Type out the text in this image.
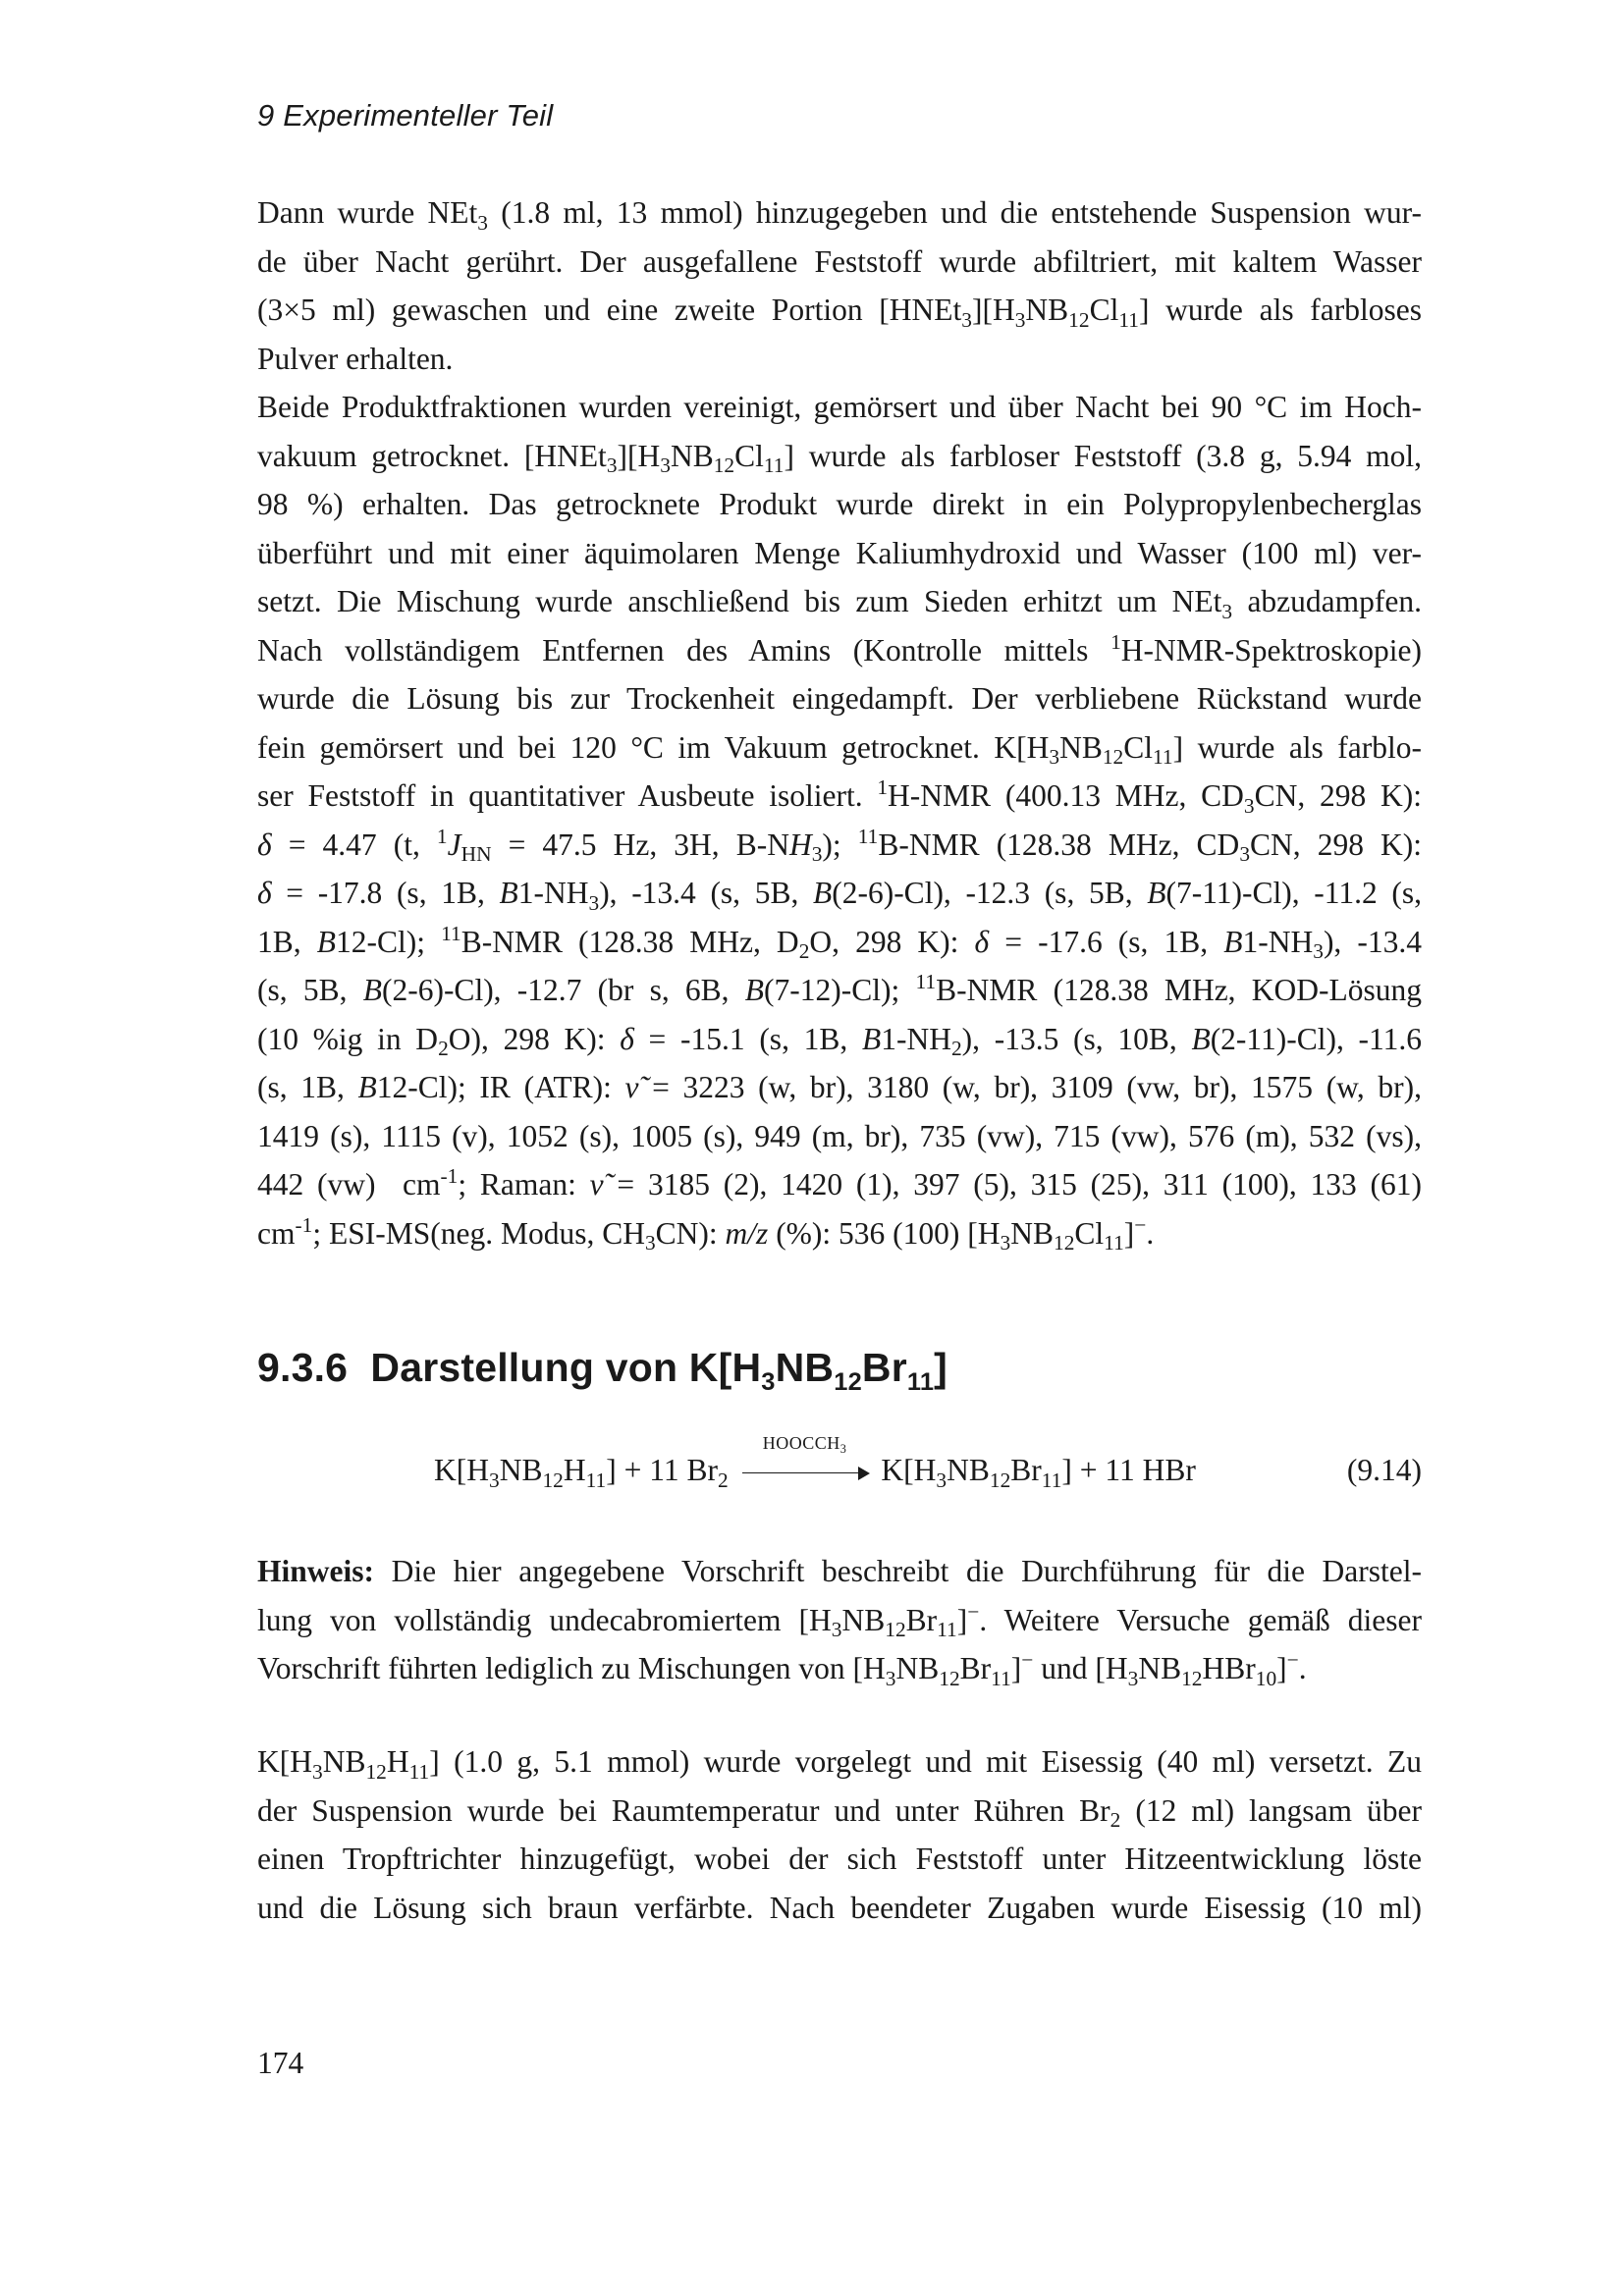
9 Experimenteller Teil
Dann wurde NEt$_3$ (1.8 ml, 13 mmol) hinzugegeben und die entstehende Suspension wur-
de über Nacht gerührt. Der ausgefallene Feststoff wurde abfiltriert, mit kaltem Wasser
(3×5 ml) gewaschen und eine zweite Portion $[HNEt_3][H_3NB_{12}Cl_{11}]$ wurde als farbloses
Pulver erhalten.
Beide Produktfraktionen wurden vereinigt, gemörsert und über Nacht bei 90 °C im Hoch-
vakuum getrocknet. $[HNEt_3][H_3NB_{12}Cl_{11}]$ wurde als farbloser Feststoff (3.8 g, 5.94 mol,
98 %) erhalten. Das getrocknete Produkt wurde direkt in ein Polypropylenbecherglas
überführt und mit einer äquimolaren Menge Kaliumhydroxid und Wasser (100 ml) ver-
setzt. Die Mischung wurde anschließend bis zum Sieden erhitzt um NEt$_3$ abzudampfen.
Nach vollständigem Entfernen des Amins (Kontrolle mittels $^1$H-NMR-Spektroskopie)
wurde die Lösung bis zur Trockenheit eingedampft. Der verbliebene Rückstand wurde
fein gemörsert und bei 120 °C im Vakuum getrocknet. $K[H_3NB_{12}Cl_{11}]$ wurde als farblo-
ser Feststoff in quantitativer Ausbeute isoliert. $^1$H-NMR (400.13 MHz, $CD_3CN$, 298 K):
δ = 4.47 (t, $^1J_{HN} = 47.5$ Hz, 3H, $B-NH_3$); $^{11}$B-NMR (128.38 MHz, $CD_3CN$, 298 K):
δ = -17.8 (s, 1B, $B1-NH_3$), -13.4 (s, 5B, B(2-6)-Cl), -12.3 (s, 5B, B(7-11)-Cl), -11.2 (s,
1B, B12-Cl); $^{11}$B-NMR (128.38 MHz, $D_2O$, 298 K): δ = -17.6 (s, 1B, $B1-NH_3$), -13.4
(s, 5B, B(2-6)-Cl), -12.7 (br s, 6B, B(7-12)-Cl); $^{11}$B-NMR (128.38 MHz, KOD-Lösung
(10 %ig in $D_2O$), 298 K): δ = -15.1 (s, 1B, $B1-NH_2$), -13.5 (s, 10B, B(2-11)-Cl), -11.6
(s, 1B, B12-Cl); IR (ATR): ν̃ = 3223 (w, br), 3180 (w, br), 3109 (vw, br), 1575 (w, br),
1419 (s), 1115 (v), 1052 (s), 1005 (s), 949 (m, br), 735 (vw), 715 (vw), 576 (m), 532 (vs),
442 (vw)  $cm^{-1}$; Raman: ν̃ = 3185 (2), 1420 (1), 397 (5), 315 (25), 311 (100), 133 (61)
$cm^{-1}$; ESI-MS(neg. Modus, $CH_3CN$): m/z (%): 536 (100) $[H_3NB_{12}Cl_{11}]^-$.
9.3.6 Darstellung von $K[H_3NB_{12}Br_{11}]$
$K[H_3NB_{12}H_{11}] + 11$ $Br_2$
$HOOCCH_3$
$K[H_3NB_{12}Br_{11}] + 11$ HBr	(9.14)
Hinweis: Die hier angegebene Vorschrift beschreibt die Durchführung für die Darstel-
lung von vollständig undecabromiertem $[H_3NB_{12}Br_{11}]^-$. Weitere Versuche gemäß dieser
Vorschrift führten lediglich zu Mischungen von $[H_3NB_{12}Br_{11}]^-$ und $[H_3NB_{12}HBr_{10}]^-$.
$K[H_3NB_{12}H_{11}]$ (1.0 g, 5.1 mmol) wurde vorgelegt und mit Eisessig (40 ml) versetzt. Zu
der Suspension wurde bei Raumtemperatur und unter Rühren $Br_2$ (12 ml) langsam über
einen Tropftrichter hinzugefügt, wobei der sich Feststoff unter Hitzeentwicklung löste
und die Lösung sich braun verfärbte. Nach beendeter Zugaben wurde Eisessig (10 ml)
174
